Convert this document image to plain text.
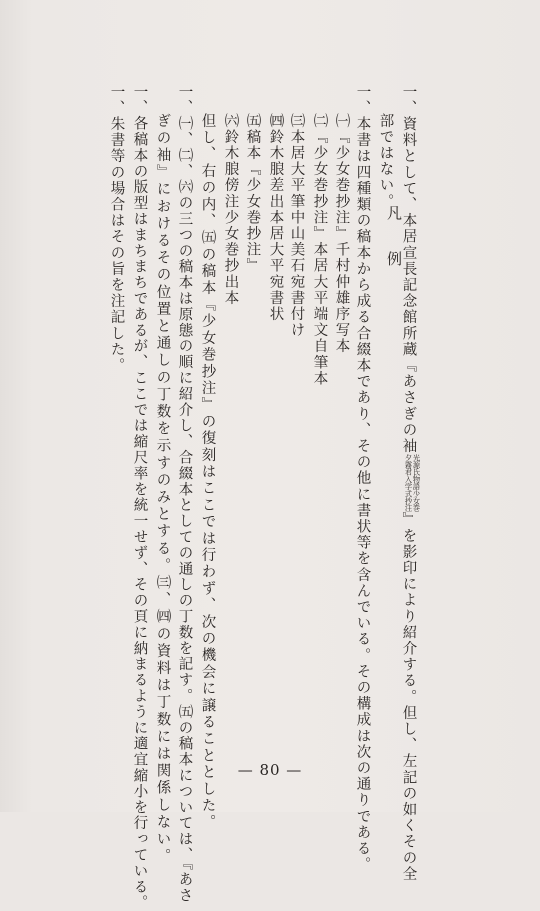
凡　例
一、資料として、本居宣長記念館所蔵『あさぎの袖
光源氏物語少女巻
夕霧君入学式抄注
』を影印により紹介する。但し、左記の如くその全
部ではない。
一、本書は四種類の稿本から成る合綴本であり、その他に書状等を含んでいる。その構成は次の通りである。
㈠『少女巻抄注』千村仲雄序写本
㈡『少女巻抄注』本居大平端文自筆本
㈢本居大平筆中山美石宛書付け
㈣鈴木朖差出本居大平宛書状
㈤稿本『少女巻抄注』
㈥鈴木朖傍注少女巻抄出本
但し、右の内、㈤の稿本『少女巻抄注』の復刻はここでは行わず、次の機会に譲ることとした。
一、㈠、㈡、㈥の三つの稿本は原態の順に紹介し、合綴本としての通しの丁数を記す。㈤の稿本については、『あさ
ぎの袖』におけるその位置と通しの丁数を示すのみとする。㈢、㈣の資料は丁数には関係しない。
一、各稿本の版型はまちまちであるが、ここでは縮尺率を統一せず、その頁に納まるように適宜縮小を行っている。
一、朱書等の場合はその旨を注記した。
— 80 —
